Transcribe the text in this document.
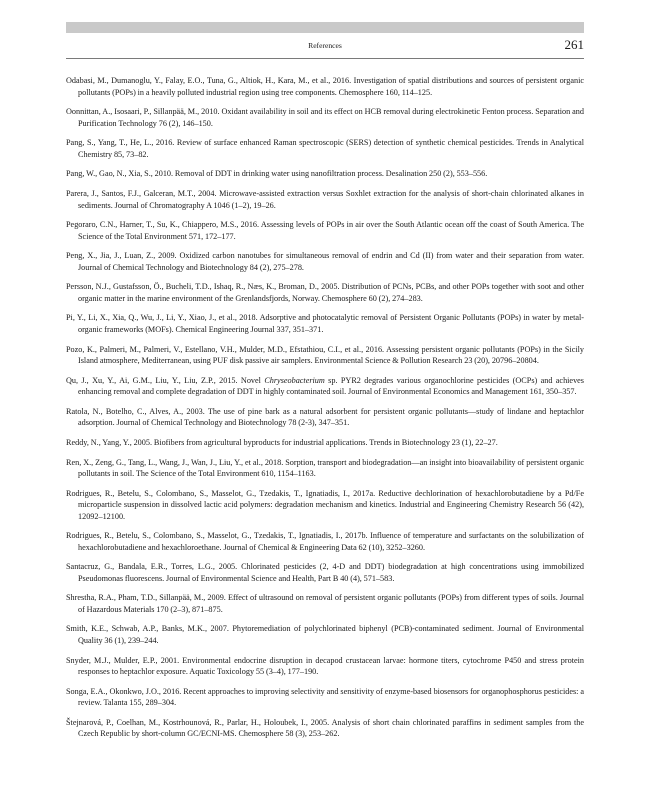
References	261

Odabasi, M., Dumanoglu, Y., Falay, E.O., Tuna, G., Altiok, H., Kara, M., et al., 2016. Investigation of spatial distributions and sources of persistent organic pollutants (POPs) in a heavily polluted industrial region using tree components. Chemosphere 160, 114–125.

Oonnittan, A., Isosaari, P., Sillanpää, M., 2010. Oxidant availability in soil and its effect on HCB removal during electrokinetic Fenton process. Separation and Purification Technology 76 (2), 146–150.

Pang, S., Yang, T., He, L., 2016. Review of surface enhanced Raman spectroscopic (SERS) detection of synthetic chemical pesticides. Trends in Analytical Chemistry 85, 73–82.

Pang, W., Gao, N., Xia, S., 2010. Removal of DDT in drinking water using nanofiltration process. Desalination 250 (2), 553–556.

Parera, J., Santos, F.J., Galceran, M.T., 2004. Microwave-assisted extraction versus Soxhlet extraction for the analysis of short-chain chlorinated alkanes in sediments. Journal of Chromatography A 1046 (1–2), 19–26.

Pegoraro, C.N., Harner, T., Su, K., Chiappero, M.S., 2016. Assessing levels of POPs in air over the South Atlantic ocean off the coast of South America. The Science of the Total Environment 571, 172–177.

Peng, X., Jia, J., Luan, Z., 2009. Oxidized carbon nanotubes for simultaneous removal of endrin and Cd (II) from water and their separation from water. Journal of Chemical Technology and Biotechnology 84 (2), 275–278.

Persson, N.J., Gustafsson, Ö., Bucheli, T.D., Ishaq, R., Næs, K., Broman, D., 2005. Distribution of PCNs, PCBs, and other POPs together with soot and other organic matter in the marine environment of the Grenlandsfjords, Norway. Chemosphere 60 (2), 274–283.

Pi, Y., Li, X., Xia, Q., Wu, J., Li, Y., Xiao, J., et al., 2018. Adsorptive and photocatalytic removal of Persistent Organic Pollutants (POPs) in water by metal-organic frameworks (MOFs). Chemical Engineering Journal 337, 351–371.

Pozo, K., Palmeri, M., Palmeri, V., Estellano, V.H., Mulder, M.D., Efstathiou, C.I., et al., 2016. Assessing persistent organic pollutants (POPs) in the Sicily Island atmosphere, Mediterranean, using PUF disk passive air samplers. Environmental Science & Pollution Research 23 (20), 20796–20804.

Qu, J., Xu, Y., Ai, G.M., Liu, Y., Liu, Z.P., 2015. Novel Chryseobacterium sp. PYR2 degrades various organochlorine pesticides (OCPs) and achieves enhancing removal and complete degradation of DDT in highly contaminated soil. Journal of Environmental Economics and Management 161, 350–357.

Ratola, N., Botelho, C., Alves, A., 2003. The use of pine bark as a natural adsorbent for persistent organic pollutants—study of lindane and heptachlor adsorption. Journal of Chemical Technology and Biotechnology 78 (2-3), 347–351.

Reddy, N., Yang, Y., 2005. Biofibers from agricultural byproducts for industrial applications. Trends in Biotechnology 23 (1), 22–27.

Ren, X., Zeng, G., Tang, L., Wang, J., Wan, J., Liu, Y., et al., 2018. Sorption, transport and biodegradation—an insight into bioavailability of persistent organic pollutants in soil. The Science of the Total Environment 610, 1154–1163.

Rodrigues, R., Betelu, S., Colombano, S., Masselot, G., Tzedakis, T., Ignatiadis, I., 2017a. Reductive dechlorination of hexachlorobutadiene by a Pd/Fe microparticle suspension in dissolved lactic acid polymers: degradation mechanism and kinetics. Industrial and Engineering Chemistry Research 56 (42), 12092–12100.

Rodrigues, R., Betelu, S., Colombano, S., Masselot, G., Tzedakis, T., Ignatiadis, I., 2017b. Influence of temperature and surfactants on the solubilization of hexachlorobutadiene and hexachloroethane. Journal of Chemical & Engineering Data 62 (10), 3252–3260.

Santacruz, G., Bandala, E.R., Torres, L.G., 2005. Chlorinated pesticides (2, 4-D and DDT) biodegradation at high concentrations using immobilized Pseudomonas fluorescens. Journal of Environmental Science and Health, Part B 40 (4), 571–583.

Shrestha, R.A., Pham, T.D., Sillanpää, M., 2009. Effect of ultrasound on removal of persistent organic pollutants (POPs) from different types of soils. Journal of Hazardous Materials 170 (2–3), 871–875.

Smith, K.E., Schwab, A.P., Banks, M.K., 2007. Phytoremediation of polychlorinated biphenyl (PCB)-contaminated sediment. Journal of Environmental Quality 36 (1), 239–244.

Snyder, M.J., Mulder, E.P., 2001. Environmental endocrine disruption in decapod crustacean larvae: hormone titers, cytochrome P450 and stress protein responses to heptachlor exposure. Aquatic Toxicology 55 (3–4), 177–190.

Songa, E.A., Okonkwo, J.O., 2016. Recent approaches to improving selectivity and sensitivity of enzyme-based biosensors for organophosphorus pesticides: a review. Talanta 155, 289–304.

Štejnarová, P., Coelhan, M., Kostrhounová, R., Parlar, H., Holoubek, I., 2005. Analysis of short chain chlorinated paraffins in sediment samples from the Czech Republic by short-column GC/ECNI-MS. Chemosphere 58 (3), 253–262.
